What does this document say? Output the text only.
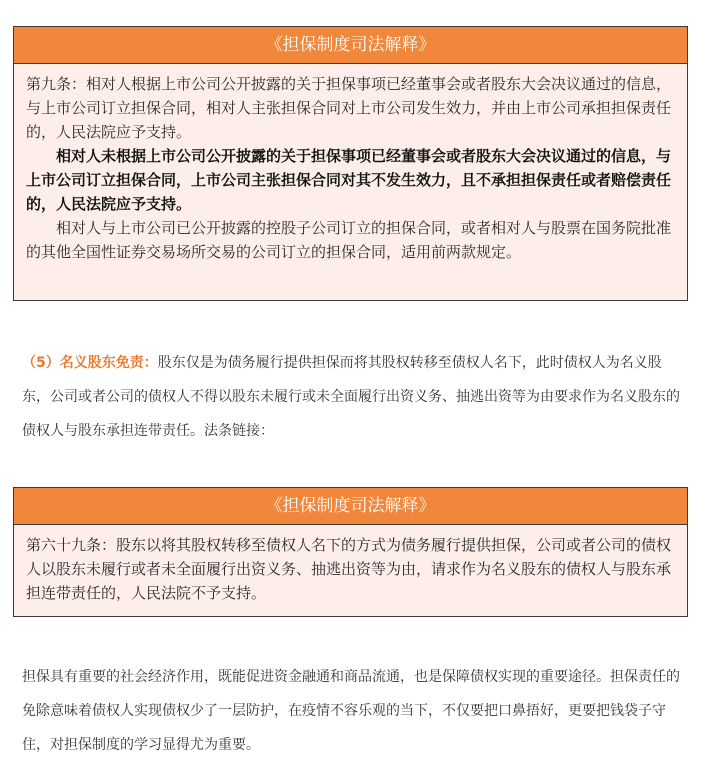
《担保制度司法解释》

第九条：相对人根据上市公司公开披露的关于担保事项已经董事会或者股东大会决议通过的信息，与上市公司订立担保合同，相对人主张担保合同对上市公司发生效力，并由上市公司承担担保责任的，人民法院应予支持。

相对人未根据上市公司公开披露的关于担保事项已经董事会或者股东大会决议通过的信息，与上市公司订立担保合同，上市公司主张担保合同对其不发生效力，且不承担担保责任或者赔偿责任的，人民法院应予支持。

相对人与上市公司已公开披露的控股子公司订立的担保合同，或者相对人与股票在国务院批准的其他全国性证券交易场所交易的公司订立的担保合同，适用前两款规定。

（5）名义股东免责：股东仅是为债务履行提供担保而将其股权转移至债权人名下，此时债权人为名义股东，公司或者公司的债权人不得以股东未履行或未全面履行出资义务、抽逃出资等为由要求作为名义股东的债权人与股东承担连带责任。法条链接：

《担保制度司法解释》

第六十九条：股东以将其股权转移至债权人名下的方式为债务履行提供担保，公司或者公司的债权人以股东未履行或者未全面履行出资义务、抽逃出资等为由，请求作为名义股东的债权人与股东承担连带责任的，人民法院不予支持。

担保具有重要的社会经济作用，既能促进资金融通和商品流通，也是保障债权实现的重要途径。担保责任的免除意味着债权人实现债权少了一层防护，在疫情不容乐观的当下，不仅要把口鼻捂好，更要把钱袋子守住，对担保制度的学习显得尤为重要。
